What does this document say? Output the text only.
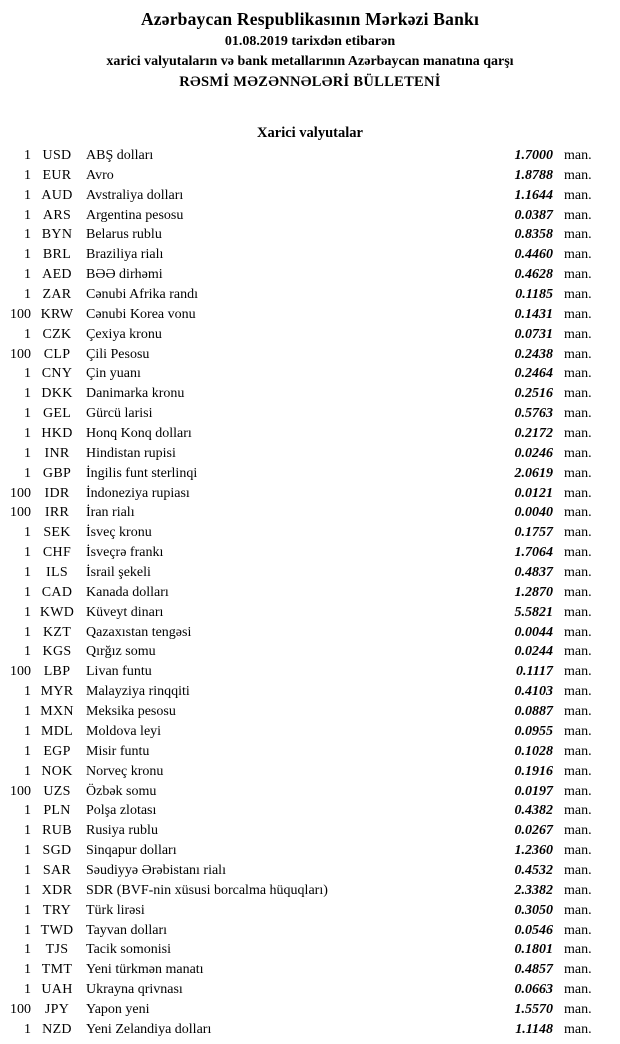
Azərbaycan Respublikasının Mərkəzi Bankı
01.08.2019 tarixdən etibarən
xarici valyutaların və bank metallarının Azərbaycan manatına qarşı
RƏSMİ MƏZƏNNƏLƏRİ BÜLLETENİ
Xarici valyutalar
1 USD	ABŞ dolları	1.7000 man.
1 EUR	Avro	1.8788 man.
1 AUD Avstraliya dolları	1.1644 man.
1 ARS	Argentina pesosu	0.0387 man.
1 BYN Belarus rublu	0.8358 man.
1 BRL	Braziliya rialı	0.4460 man.
1 AED	BƏƏ dirhəmi	0.4628 man.
1 ZAR	Cənubi Afrika randı	0.1185 man.
100 KRW Cənubi Korea vonu	0.1431 man.
1 CZK	Çexiya kronu	0.0731 man.
100 CLP	Çili Pesosu	0.2438 man.
1 CNY Çin yuanı	0.2464 man.
1 DKK Danimarka kronu	0.2516 man.
1 GEL	Gürcü larisi	0.5763 man.
1 HKD Honq Konq dolları	0.2172 man.
1 INR	Hindistan rupisi	0.0246 man.
1 GBP	İngilis funt sterlinqi	2.0619 man.
100 IDR	İndoneziya rupiası	0.0121 man.
100 IRR	İran rialı	0.0040 man.
1 SEK	İsveç kronu	0.1757 man.
1 CHF	İsveçrə frankı	1.7064 man.
1	ILS	İsrail şekeli	0.4837 man.
1 CAD Kanada dolları	1.2870 man.
1 KWD Küveyt dinarı	5.5821 man.
1 KZT	Qazaxıstan tengəsi	0.0044 man.
1 KGS	Qırğız somu	0.0244 man.
100 LBP	Livan funtu	0.1117 man.
1 MYR Malayziya rinqqiti	0.4103 man.
1 MXN Meksika pesosu	0.0887 man.
1 MDL Moldova leyi	0.0955 man.
1 EGP	Misir funtu	0.1028 man.
1 NOK Norveç kronu	0.1916 man.
100 UZS	Özbək somu	0.0197 man.
1 PLN	Polşa zlotası	0.4382 man.
1 RUB	Rusiya rublu	0.0267 man.
1 SGD	Sinqapur dolları	1.2360 man.
1 SAR	Səudiyyə Ərəbistanı rialı	0.4532 man.
1 XDR SDR (BVF-nin xüsusi borcalma hüquqları)	2.3382 man.
1 TRY	Türk lirəsi	0.3050 man.
1 TWD Tayvan dolları	0.0546 man.
1	TJS	Tacik somonisi	0.1801 man.
1 TMT Yeni türkmən manatı	0.4857 man.
1 UAH Ukrayna qrivnası	0.0663 man.
100 JPY	Yapon yeni	1.5570 man.
1 NZD	Yeni Zelandiya dolları	1.1148 man.
